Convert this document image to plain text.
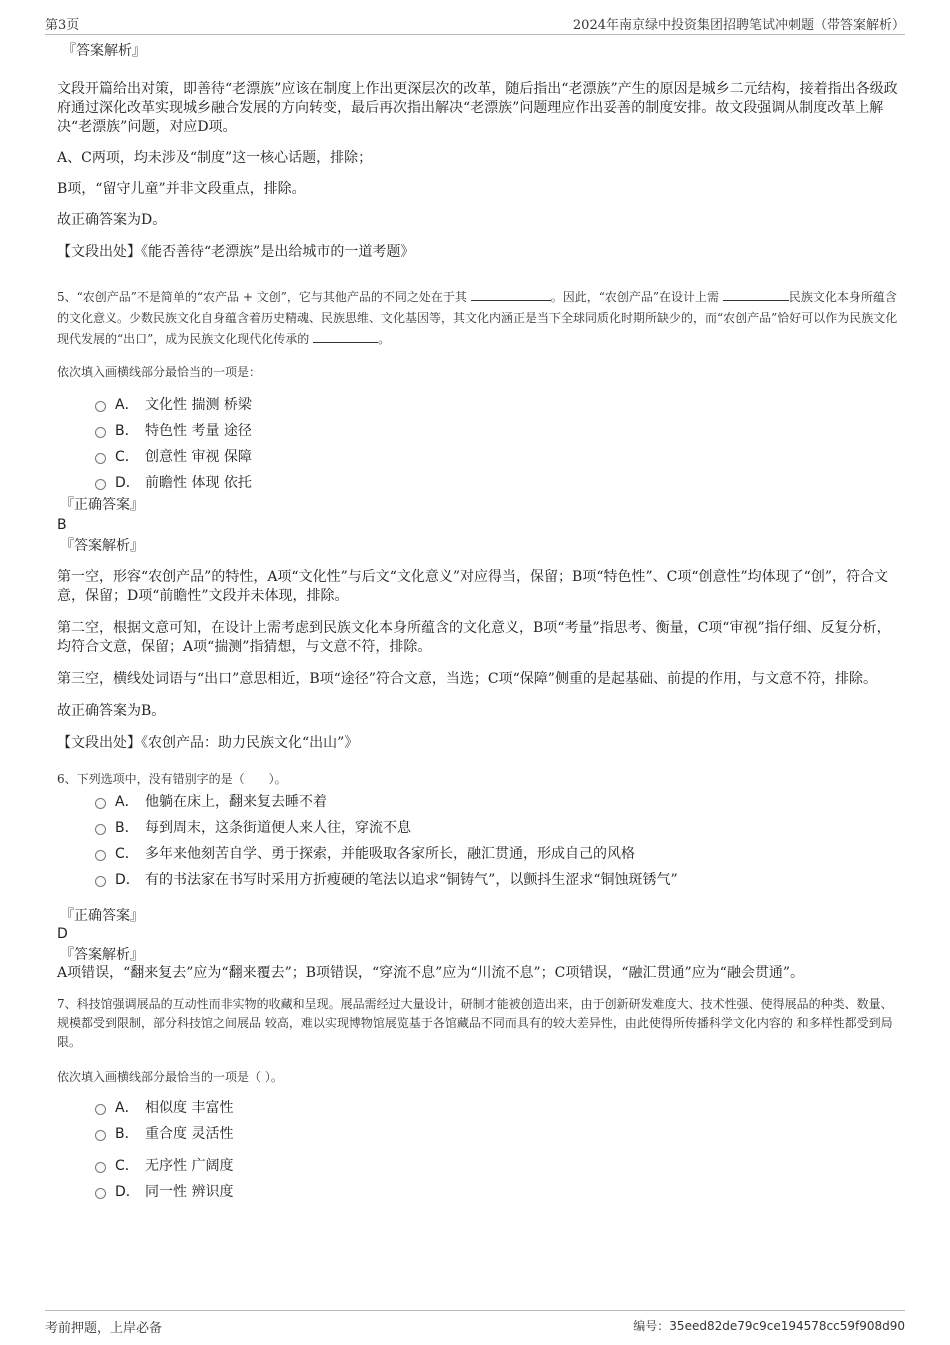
第3页	2024年南京绿中投资集团招聘笔试冲刺题（带答案解析）

『答案解析』

文段开篇给出对策，即善待“老漂族”应该在制度上作出更深层次的改革，随后指出“老漂族”产生的原因是城乡二元结构，接着指出各级政府通过深化改革实现城乡融合发展的方向转变，最后再次指出解决“老漂族”问题理应作出妥善的制度安排。故文段强调从制度改革上解决“老漂族”问题，对应D项。

A、C两项，均未涉及“制度”这一核心话题，排除；

B项，“留守儿童”并非文段重点，排除。

故正确答案为D。

【文段出处】《能否善待“老漂族”是出给城市的一道考题》

5、“农创产品”不是简单的“农产品 + 文创”，它与其他产品的不同之处在于其	。因此，“农创产品”在设计上需	民族文化本身所蕴含的文化意义。少数民族文化自身蕴含着历史精魂、民族思维、文化基因等，其文化内涵正是当下全球同质化时期所缺少的，而“农创产品”恰好可以作为民族文化现代发展的“出口”，成为民族文化现代化传承的	。

依次填入画横线部分最恰当的一项是：

A． 文化性 揣测 桥梁
B． 特色性 考量 途径
C． 创意性 审视 保障
D． 前瞻性 体现 依托

『正确答案』

B

『答案解析』

第一空，形容“农创产品”的特性，A项“文化性”与后文“文化意义”对应得当，保留；B项“特色性”、C项“创意性”均体现了“创”，符合文意，保留；D项“前瞻性”文段并未体现，排除。

第二空，根据文意可知，在设计上需考虑到民族文化本身所蕴含的文化意义，B项“考量”指思考、衡量，C项“审视”指仔细、反复分析，均符合文意，保留；A项“揣测”指猜想，与文意不符，排除。

第三空，横线处词语与“出口”意思相近，B项“途径”符合文意，当选；C项“保障”侧重的是起基础、前提的作用，与文意不符，排除。

故正确答案为B。

【文段出处】《农创产品：助力民族文化“出山”》

6、下列选项中，没有错别字的是（　　）。

A． 他躺在床上，翻来复去睡不着
B． 每到周末，这条街道便人来人往，穿流不息
C． 多年来他刻苦自学、勇于探索，并能吸取各家所长，融汇贯通，形成自己的风格
D． 有的书法家在书写时采用方折瘦硬的笔法以追求“铜铸气”，以颤抖生涩求“铜蚀斑锈气”

『正确答案』

D

『答案解析』

A项错误，“翻来复去”应为“翻来覆去”；B项错误，“穿流不息”应为“川流不息”；C项错误，“融汇贯通”应为“融会贯通”。

7、科技馆强调展品的互动性而非实物的收藏和呈现。展品需经过大量设计，研制才能被创造出来，由于创新研发难度大、技术性强、使得展品的种类、数量、规模都受到限制，部分科技馆之间展品 较高，难以实现博物馆展览基于各馆藏品不同而具有的较大差异性，由此使得所传播科学文化内容的 和多样性都受到局限。

依次填入画横线部分最恰当的一项是（ ）。

A． 相似度 丰富性
B． 重合度 灵活性
C． 无序性 广阔度
D． 同一性 辨识度
考前押题，上岸必备	编号：35eed82de79c9ce194578cc59f908d90
